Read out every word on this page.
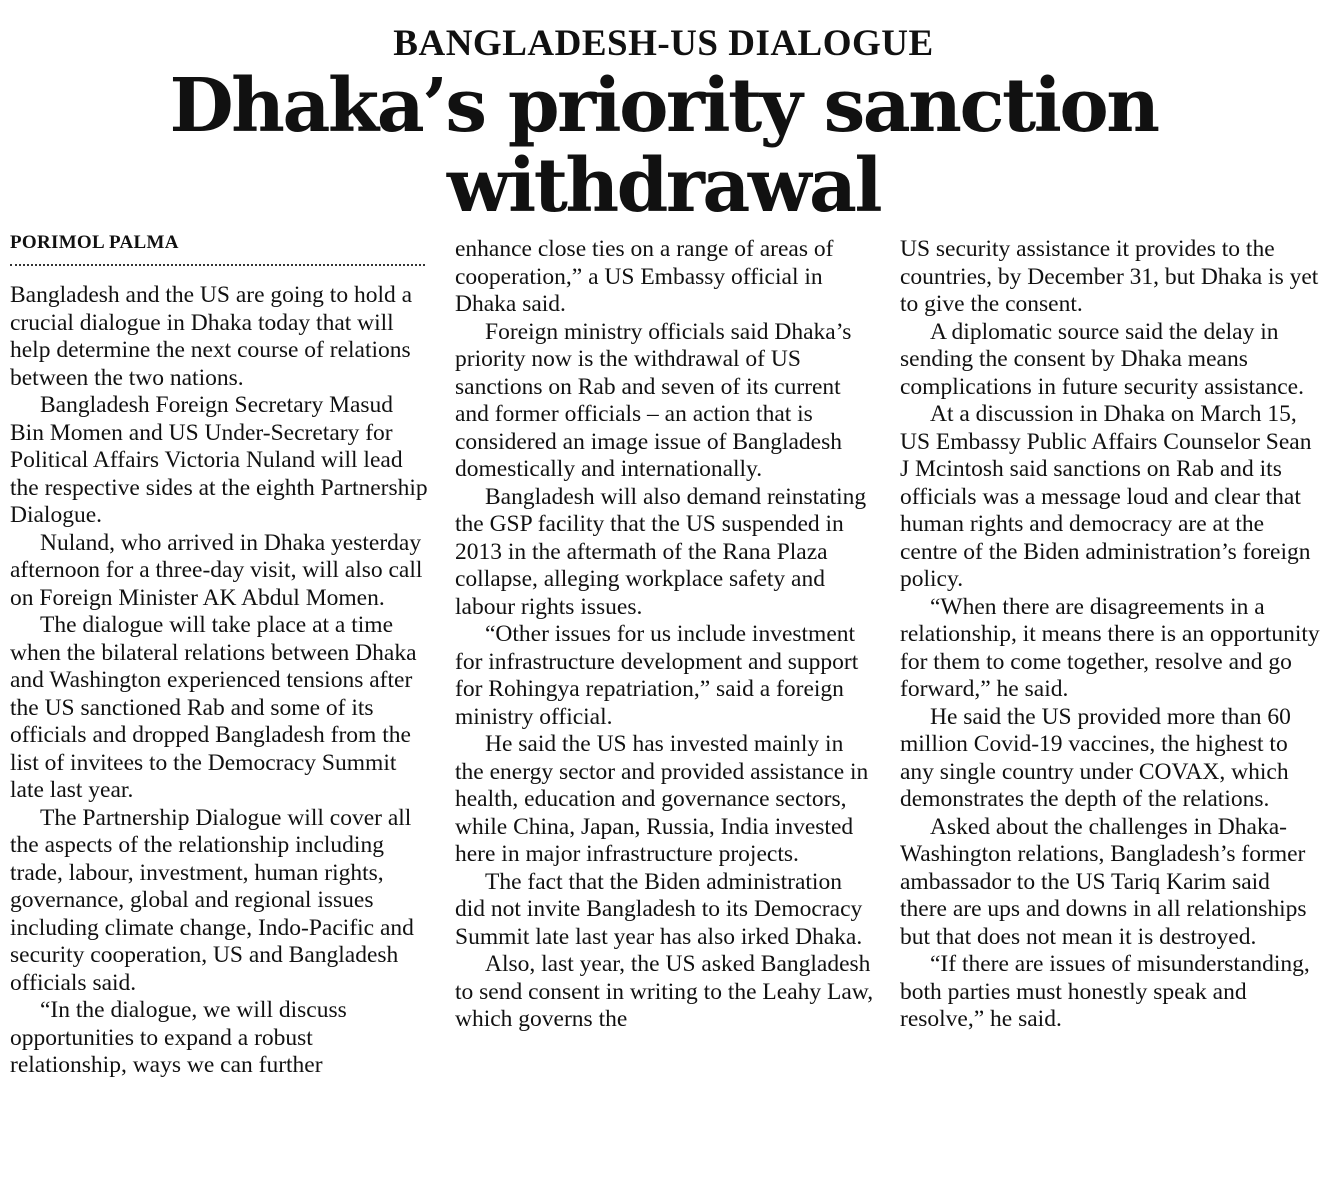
BANGLADESH-US DIALOGUE
Dhaka’s priority sanction
withdrawal
PORIMOL PALMA

Bangladesh and the US are going to hold a crucial dialogue in Dhaka today that will help determine the next course of relations between the two nations.

Bangladesh Foreign Secretary Masud Bin Momen and US Under-Secretary for Political Affairs Victoria Nuland will lead the respective sides at the eighth Partnership Dialogue.

Nuland, who arrived in Dhaka yesterday afternoon for a three-day visit, will also call on Foreign Minister AK Abdul Momen.

The dialogue will take place at a time when the bilateral relations between Dhaka and Washington experienced tensions after the US sanctioned Rab and some of its officials and dropped Bangladesh from the list of invitees to the Democracy Summit late last year.

The Partnership Dialogue will cover all the aspects of the relationship including trade, labour, investment, human rights, governance, global and regional issues including climate change, Indo-Pacific and security cooperation, US and Bangladesh officials said.

“In the dialogue, we will discuss opportunities to expand a robust relationship, ways we can further

enhance close ties on a range of areas of cooperation,” a US Embassy official in Dhaka said.

Foreign ministry officials said Dhaka’s priority now is the withdrawal of US sanctions on Rab and seven of its current and former officials – an action that is considered an image issue of Bangladesh domestically and internationally.

Bangladesh will also demand reinstating the GSP facility that the US suspended in 2013 in the aftermath of the Rana Plaza collapse, alleging workplace safety and labour rights issues.

“Other issues for us include investment for infrastructure development and support for Rohingya repatriation,” said a foreign ministry official.

He said the US has invested mainly in the energy sector and provided assistance in health, education and governance sectors, while China, Japan, Russia, India invested here in major infrastructure projects.

The fact that the Biden administration did not invite Bangladesh to its Democracy Summit late last year has also irked Dhaka.

Also, last year, the US asked Bangladesh to send consent in writing to the Leahy Law, which governs the

US security assistance it provides to the countries, by December 31, but Dhaka is yet to give the consent.

A diplomatic source said the delay in sending the consent by Dhaka means complications in future security assistance.

At a discussion in Dhaka on March 15, US Embassy Public Affairs Counselor Sean J Mcintosh said sanctions on Rab and its officials was a message loud and clear that human rights and democracy are at the centre of the Biden administration’s foreign policy.

“When there are disagreements in a relationship, it means there is an opportunity for them to come together, resolve and go forward,” he said.

He said the US provided more than 60 million Covid-19 vaccines, the highest to any single country under COVAX, which demonstrates the depth of the relations.

Asked about the challenges in Dhaka-Washington relations, Bangladesh’s former ambassador to the US Tariq Karim said there are ups and downs in all relationships but that does not mean it is destroyed.

“If there are issues of misunderstanding, both parties must honestly speak and resolve,” he said.
